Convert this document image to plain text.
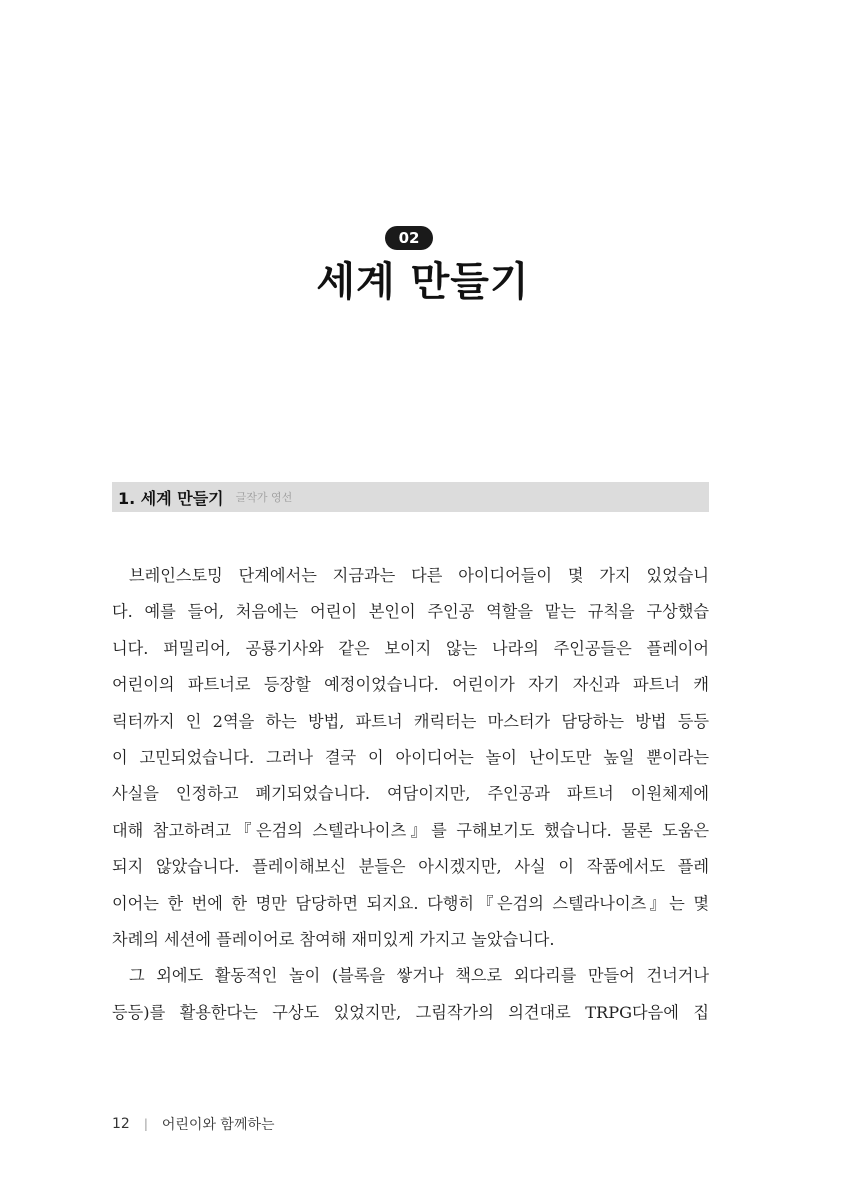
02
세계 만들기
1. 세계 만들기 글작가 영선
브레인스토밍 단계에서는 지금과는 다른 아이디어들이 몇 가지 있었습니
다. 예를 들어, 처음에는 어린이 본인이 주인공 역할을 맡는 규칙을 구상했습
니다. 퍼밀리어, 공룡기사와 같은 보이지 않는 나라의 주인공들은 플레이어
어린이의 파트너로 등장할 예정이었습니다. 어린이가 자기 자신과 파트너 캐
릭터까지 인 2역을 하는 방법, 파트너 캐릭터는 마스터가 담당하는 방법 등등
이 고민되었습니다. 그러나 결국 이 아이디어는 놀이 난이도만 높일 뿐이라는
사실을 인정하고 폐기되었습니다. 여담이지만, 주인공과 파트너 이원체제에
대해 참고하려고『은검의 스텔라나이츠』를 구해보기도 했습니다. 물론 도움은
되지 않았습니다. 플레이해보신 분들은 아시겠지만, 사실 이 작품에서도 플레
이어는 한 번에 한 명만 담당하면 되지요. 다행히『은검의 스텔라나이츠』는 몇
차례의 세션에 플레이어로 참여해 재미있게 가지고 놀았습니다.
그 외에도 활동적인 놀이 (블록을 쌓거나 책으로 외다리를 만들어 건너거나
등등)를 활용한다는 구상도 있었지만, 그림작가의 의견대로 TRPG다음에 집
12 | 어린이와 함께하는
